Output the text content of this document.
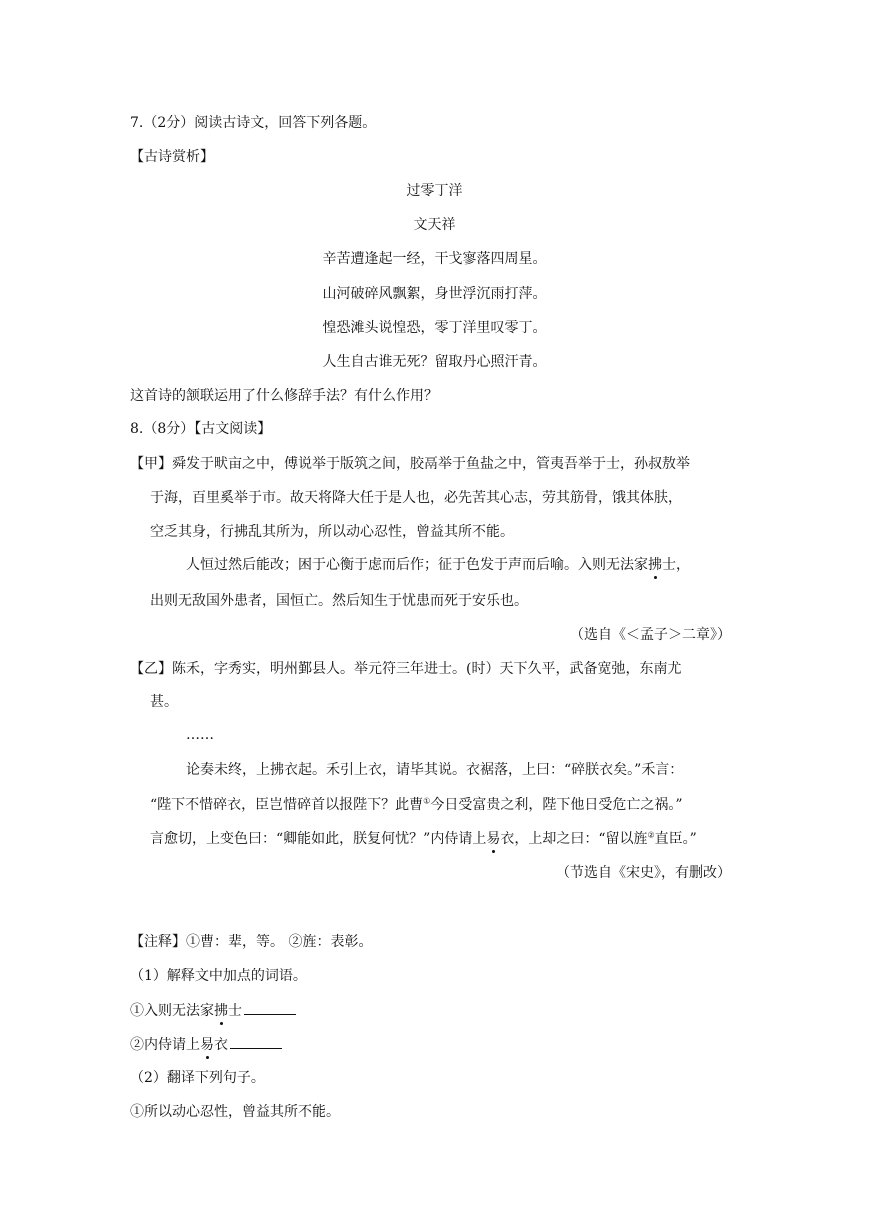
7.（2分）阅读古诗文，回答下列各题。
【古诗赏析】
过零丁洋
文天祥
辛苦遭逢起一经，干戈寥落四周星。
山河破碎风飘絮，身世浮沉雨打萍。
惶恐滩头说惶恐，零丁洋里叹零丁。
人生自古谁无死？留取丹心照汗青。
这首诗的颔联运用了什么修辞手法？有什么作用？
8.（8分）【古文阅读】
【甲】舜发于畎亩之中，傅说举于版筑之间，胶鬲举于鱼盐之中，管夷吾举于士，孙叔敖举
于海，百里奚举于市。故天将降大任于是人也，必先苦其心志，劳其筋骨，饿其体肤，
空乏其身，行拂乱其所为，所以动心忍性，曾益其所不能。
人恒过然后能改；困于心衡于虑而后作；征于色发于声而后喻。入则无法家拂士，
出则无敌国外患者，国恒亡。然后知生于忧患而死于安乐也。
（选自《＜孟子＞二章》）
【乙】陈禾，字秀实，明州鄞县人。举元符三年进士。(时）天下久平，武备宽弛，东南尤
甚。
……
论奏未终，上拂衣起。禾引上衣，请毕其说。衣裾落，上曰：“碎朕衣矣。”禾言：
“陛下不惜碎衣，臣岂惜碎首以报陛下？此曹①今日受富贵之利，陛下他日受危亡之祸。”
言愈切，上变色曰：“卿能如此，朕复何忧？”内侍请上易衣，上却之曰：“留以旌②直臣。”
（节选自《宋史》，有删改）
【注释】①曹：辈，等。 ②旌：表彰。
（1）解释文中加点的词语。
①入则无法家拂士
②内侍请上易衣
（2）翻译下列句子。
①所以动心忍性，曾益其所不能。
